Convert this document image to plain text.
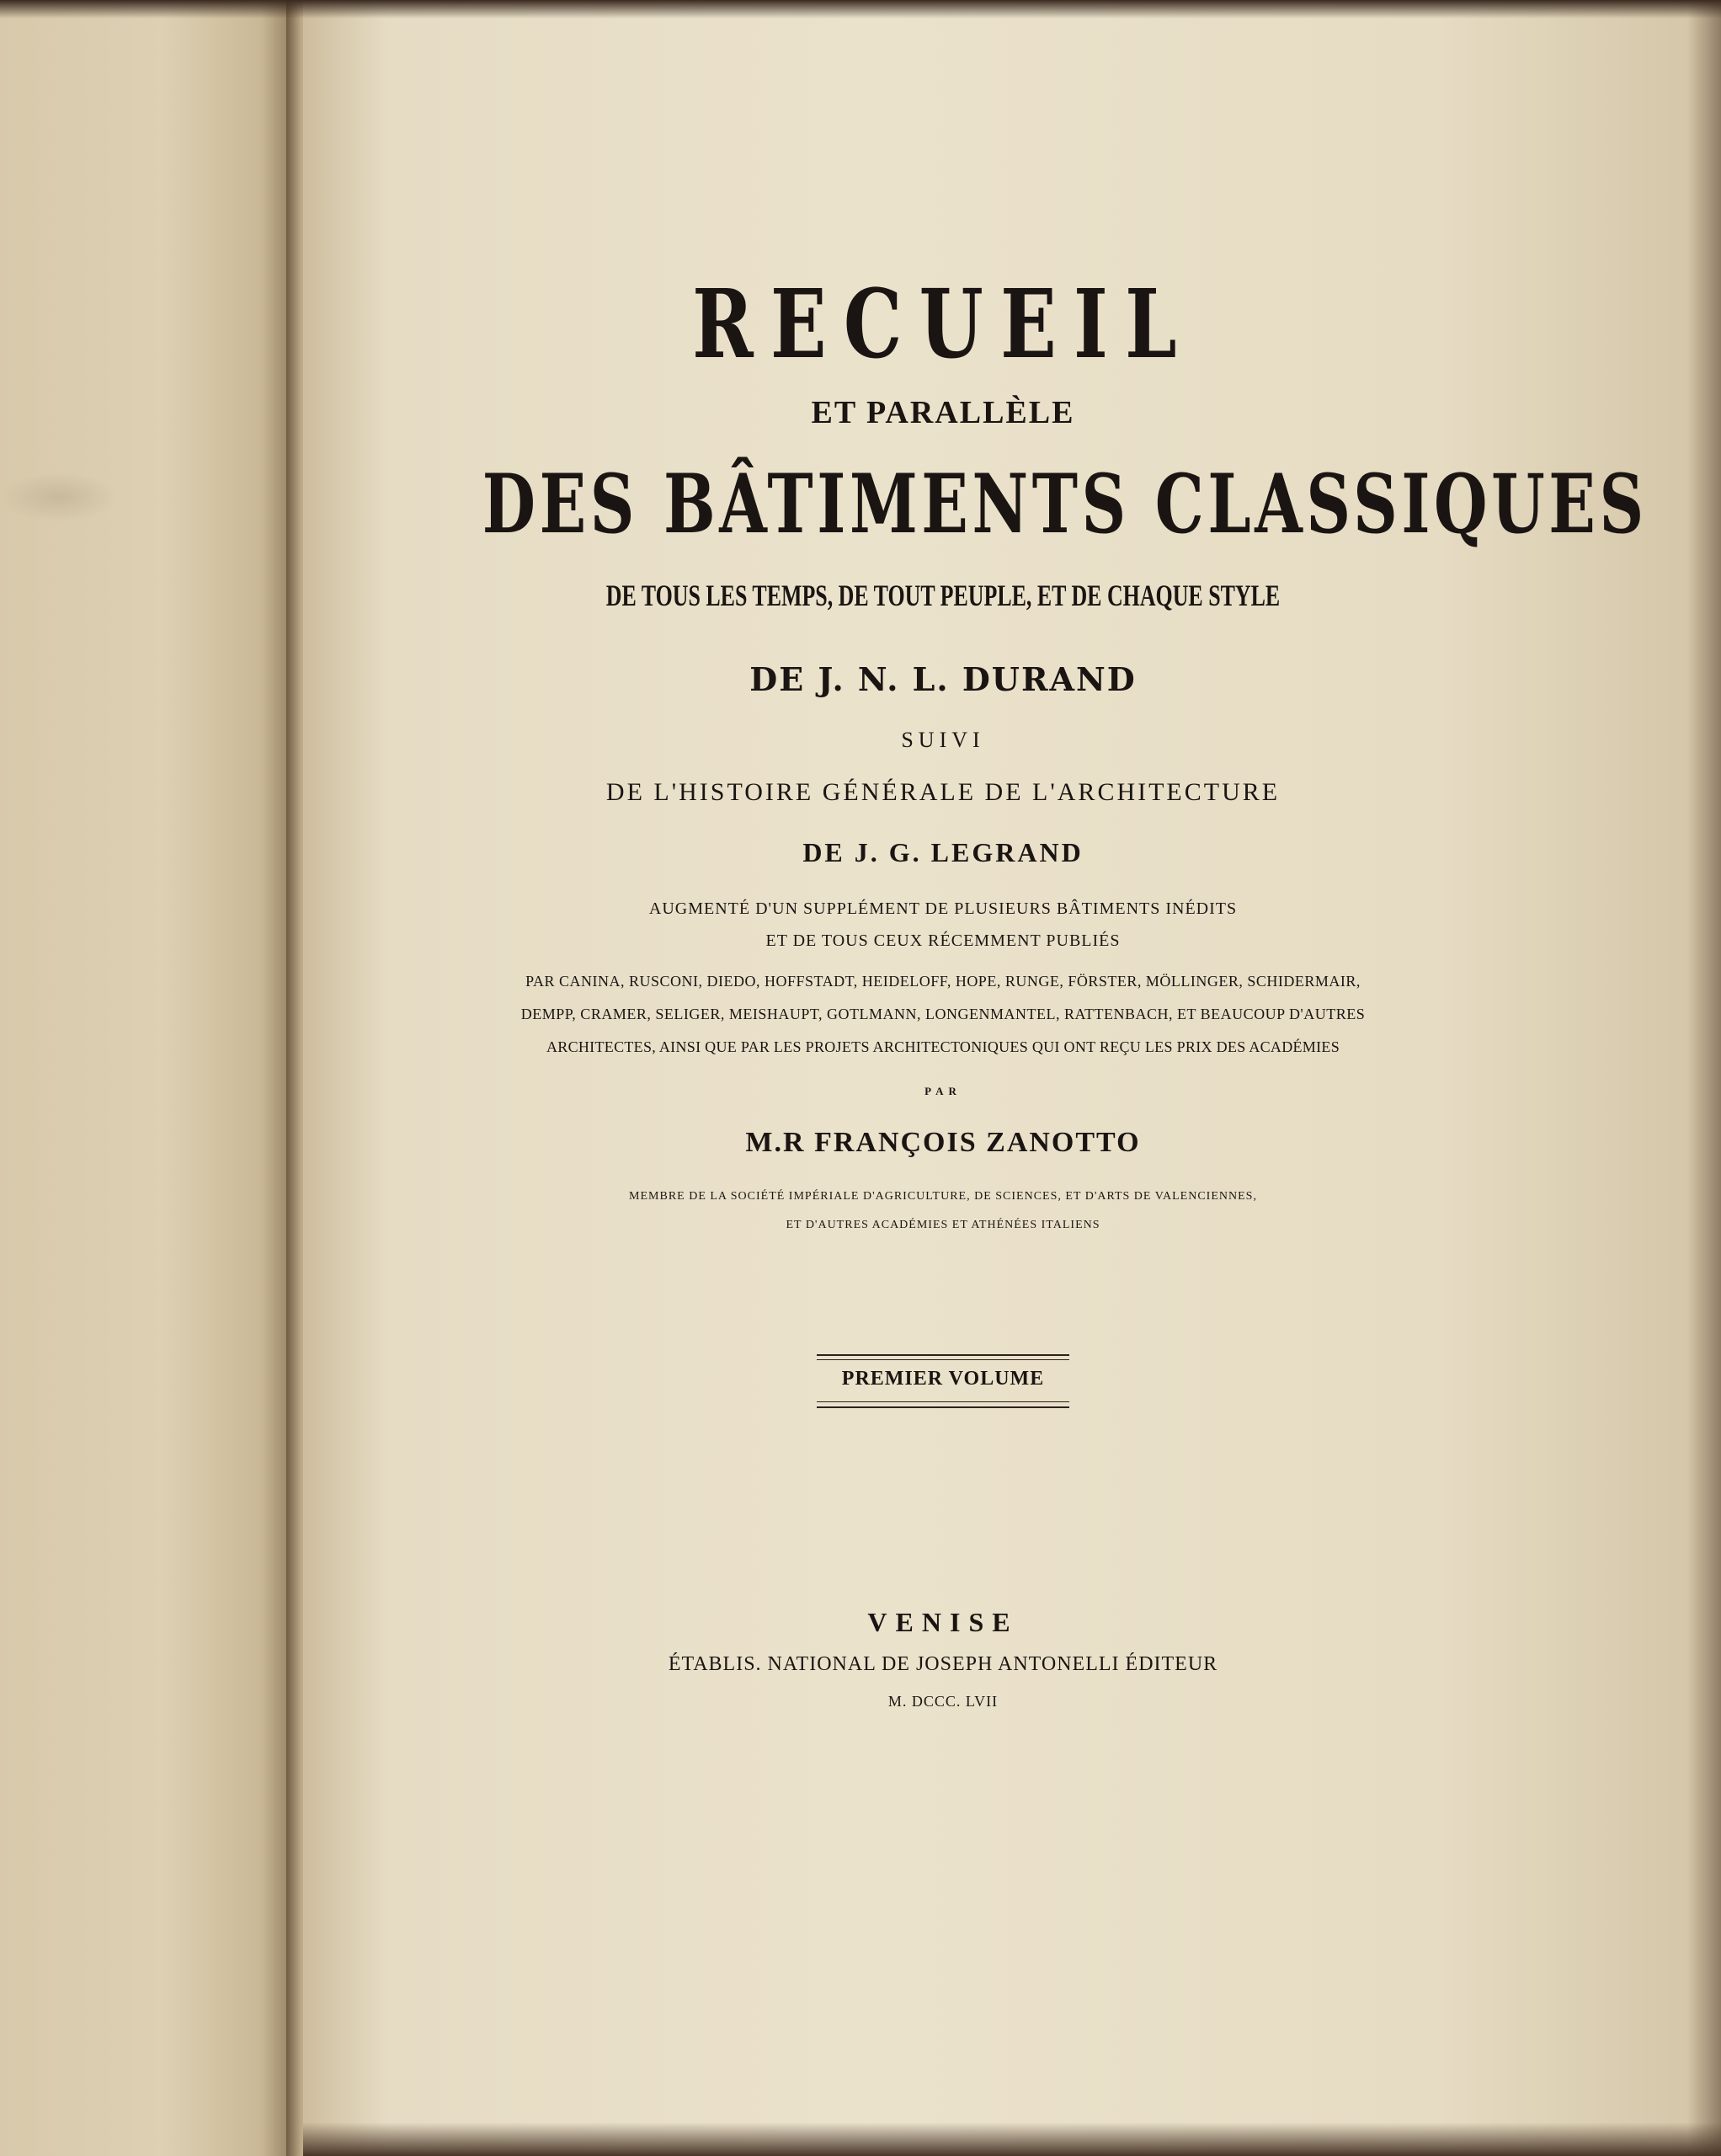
RECUEIL
ET PARALLÈLE
DES BÂTIMENTS CLASSIQUES
DE TOUS LES TEMPS, DE TOUT PEUPLE, ET DE CHAQUE STYLE
DE J. N. L. DURAND
SUIVI
DE L'HISTOIRE GÉNÉRALE DE L'ARCHITECTURE
DE J. G. LEGRAND
AUGMENTÉ D'UN SUPPLÉMENT DE PLUSIEURS BÂTIMENTS INÉDITS
ET DE TOUS CEUX RÉCEMMENT PUBLIÉS
PAR CANINA, RUSCONI, DIEDO, HOFFSTADT, HEIDELOFF, HOPE, RUNGE, FÖRSTER, MÖLLINGER, SCHIDERMAIR,
DEMPP, CRAMER, SELIGER, MEISHAUPT, GOTLMANN, LONGENMANTEL, RATTENBACH, ET BEAUCOUP D'AUTRES
ARCHITECTES, AINSI QUE PAR LES PROJETS ARCHITECTONIQUES QUI ONT REÇU LES PRIX DES ACADÉMIES
PAR
M.R FRANÇOIS ZANOTTO
MEMBRE DE LA SOCIÉTÉ IMPÉRIALE D'AGRICULTURE, DE SCIENCES, ET D'ARTS DE VALENCIENNES,
ET D'AUTRES ACADÉMIES ET ATHÉNÉES ITALIENS
PREMIER VOLUME
VENISE
ÉTABLIS. NATIONAL DE JOSEPH ANTONELLI ÉDITEUR
M. DCCC. LVII
